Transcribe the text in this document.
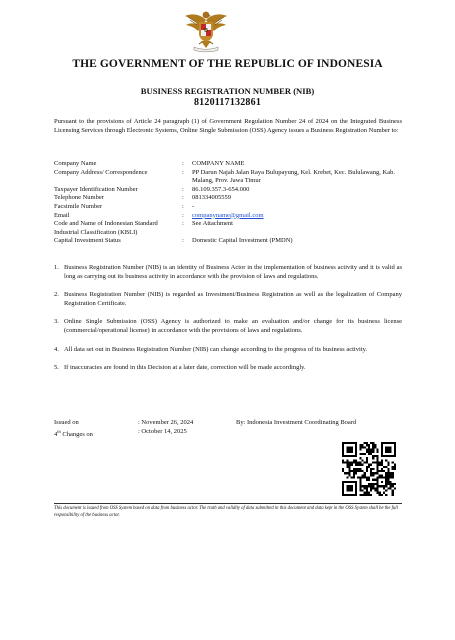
THE GOVERNMENT OF THE REPUBLIC OF INDONESIA
BUSINESS REGISTRATION NUMBER (NIB)
8120117132861
Pursuant to the provisions of Article 24 paragraph (1) of Government Regulation Number 24 of 2024 on the Integrated Business Licensing Services through Electronic Systems, Online Single Submission (OSS) Agency issues a Business Registration Number to:
Company Name	:	COMPANY NAME
Company Address/ Correspondence	:	PP Darun Najah Jalan Raya Bulupayung, Kel. Krebet, Kec. Bululawang, Kab. Malang, Prov. Jawa Timur
Taxpayer Identification Number	:	86.109.357.3-654.000
Telephone Number	:	081334005559
Facsimile Number	:	-
Email	:	companyname@gmail.com
Code and Name of Indonesian Standard Industrial Classification (KBLI)
:	See Attachment
Capital Investment Status	:	Domestic Capital Investment (PMDN)
1. Business Registration Number (NIB) is an identity of Business Actor in the implementation of business activity and it is valid as long as carrying out its business activity in accordance with the provision of laws and regulations.
2. Business Registration Number (NIB) is regarded as Investment/Business Registration as well as the legalization of Company Registration Certificate.
3. Online Single Submission (OSS) Agency is authorized to make an evaluation and/or change for its business license (commercial/operational license) in accordance with the provisions of laws and regulations.
4. All data set out in Business Registration Number (NIB) can change according to the progress of its business activity.
5. If inaccuracies are found in this Decision at a later date, correction will be made accordingly.
Issued on	: November 26, 2024	By: Indonesia Investment Coordinating Board
4th Changes on	: October 14, 2025
This document is issued from OSS System based on data from business actor. The truth and validity of data submitted in this document and data kept in the OSS System shall be the full responsibility of the business actor.
